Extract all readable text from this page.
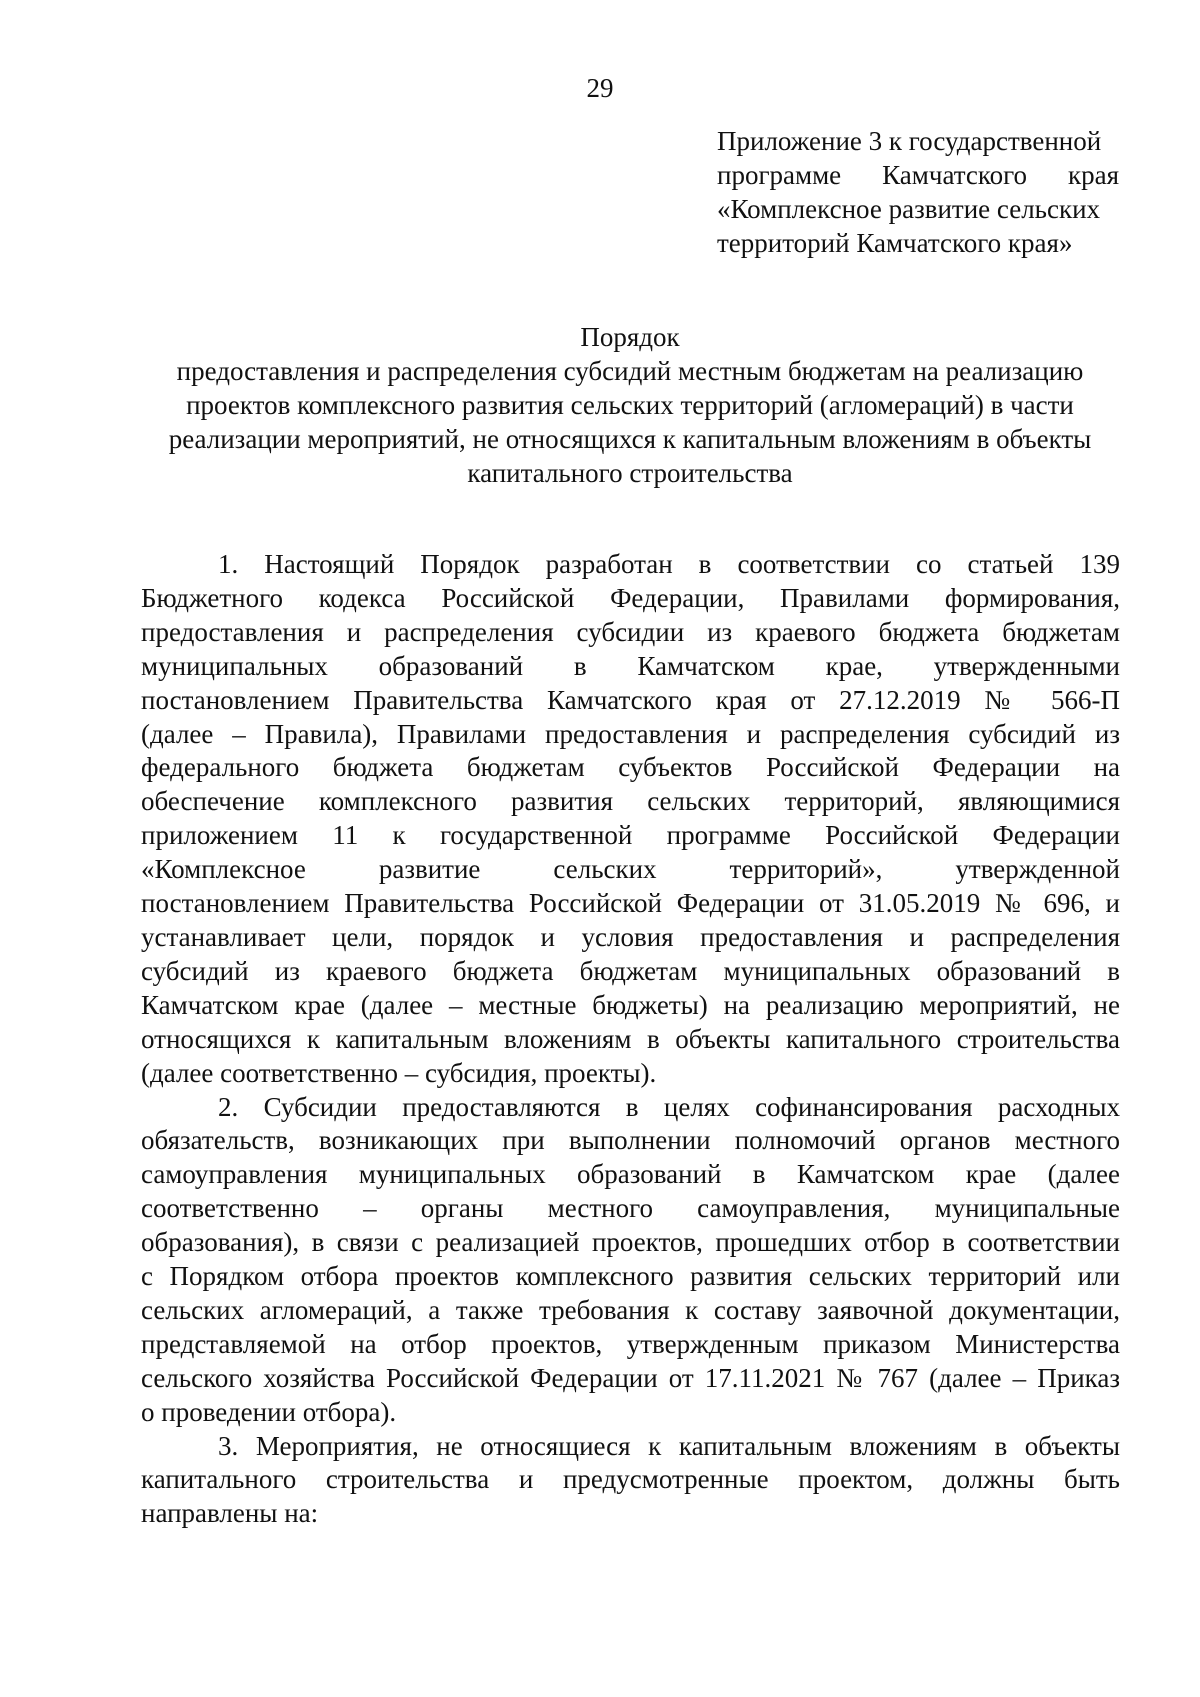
29
Приложение 3 к государственной
программе Камчатского края
«Комплексное развитие сельских
территорий Камчатского края»
Порядок
предоставления и распределения субсидий местным бюджетам на реализацию
проектов комплексного развития сельских территорий (агломераций) в части
реализации мероприятий, не относящихся к капитальным вложениям в объекты
капитального строительства
1. Настоящий Порядок разработан в соответствии со статьей 139
Бюджетного кодекса Российской Федерации, Правилами формирования,
предоставления и распределения субсидии из краевого бюджета бюджетам
муниципальных образований в Камчатском крае, утвержденными
постановлением Правительства Камчатского края от 27.12.2019 № 566-П
(далее – Правила), Правилами предоставления и распределения субсидий из
федерального бюджета бюджетам субъектов Российской Федерации на
обеспечение комплексного развития сельских территорий, являющимися
приложением 11 к государственной программе Российской Федерации
«Комплексное развитие сельских территорий», утвержденной
постановлением Правительства Российской Федерации от 31.05.2019 № 696, и
устанавливает цели, порядок и условия предоставления и распределения
субсидий из краевого бюджета бюджетам муниципальных образований в
Камчатском крае (далее – местные бюджеты) на реализацию мероприятий, не
относящихся к капитальным вложениям в объекты капитального строительства
(далее соответственно – субсидия, проекты).
2. Субсидии предоставляются в целях софинансирования расходных
обязательств, возникающих при выполнении полномочий органов местного
самоуправления муниципальных образований в Камчатском крае (далее
соответственно – органы местного самоуправления, муниципальные
образования), в связи с реализацией проектов, прошедших отбор в соответствии
с Порядком отбора проектов комплексного развития сельских территорий или
сельских агломераций, а также требования к составу заявочной документации,
представляемой на отбор проектов, утвержденным приказом Министерства
сельского хозяйства Российской Федерации от 17.11.2021 № 767 (далее – Приказ
о проведении отбора).
3. Мероприятия, не относящиеся к капитальным вложениям в объекты
капитального строительства и предусмотренные проектом, должны быть
направлены на:
